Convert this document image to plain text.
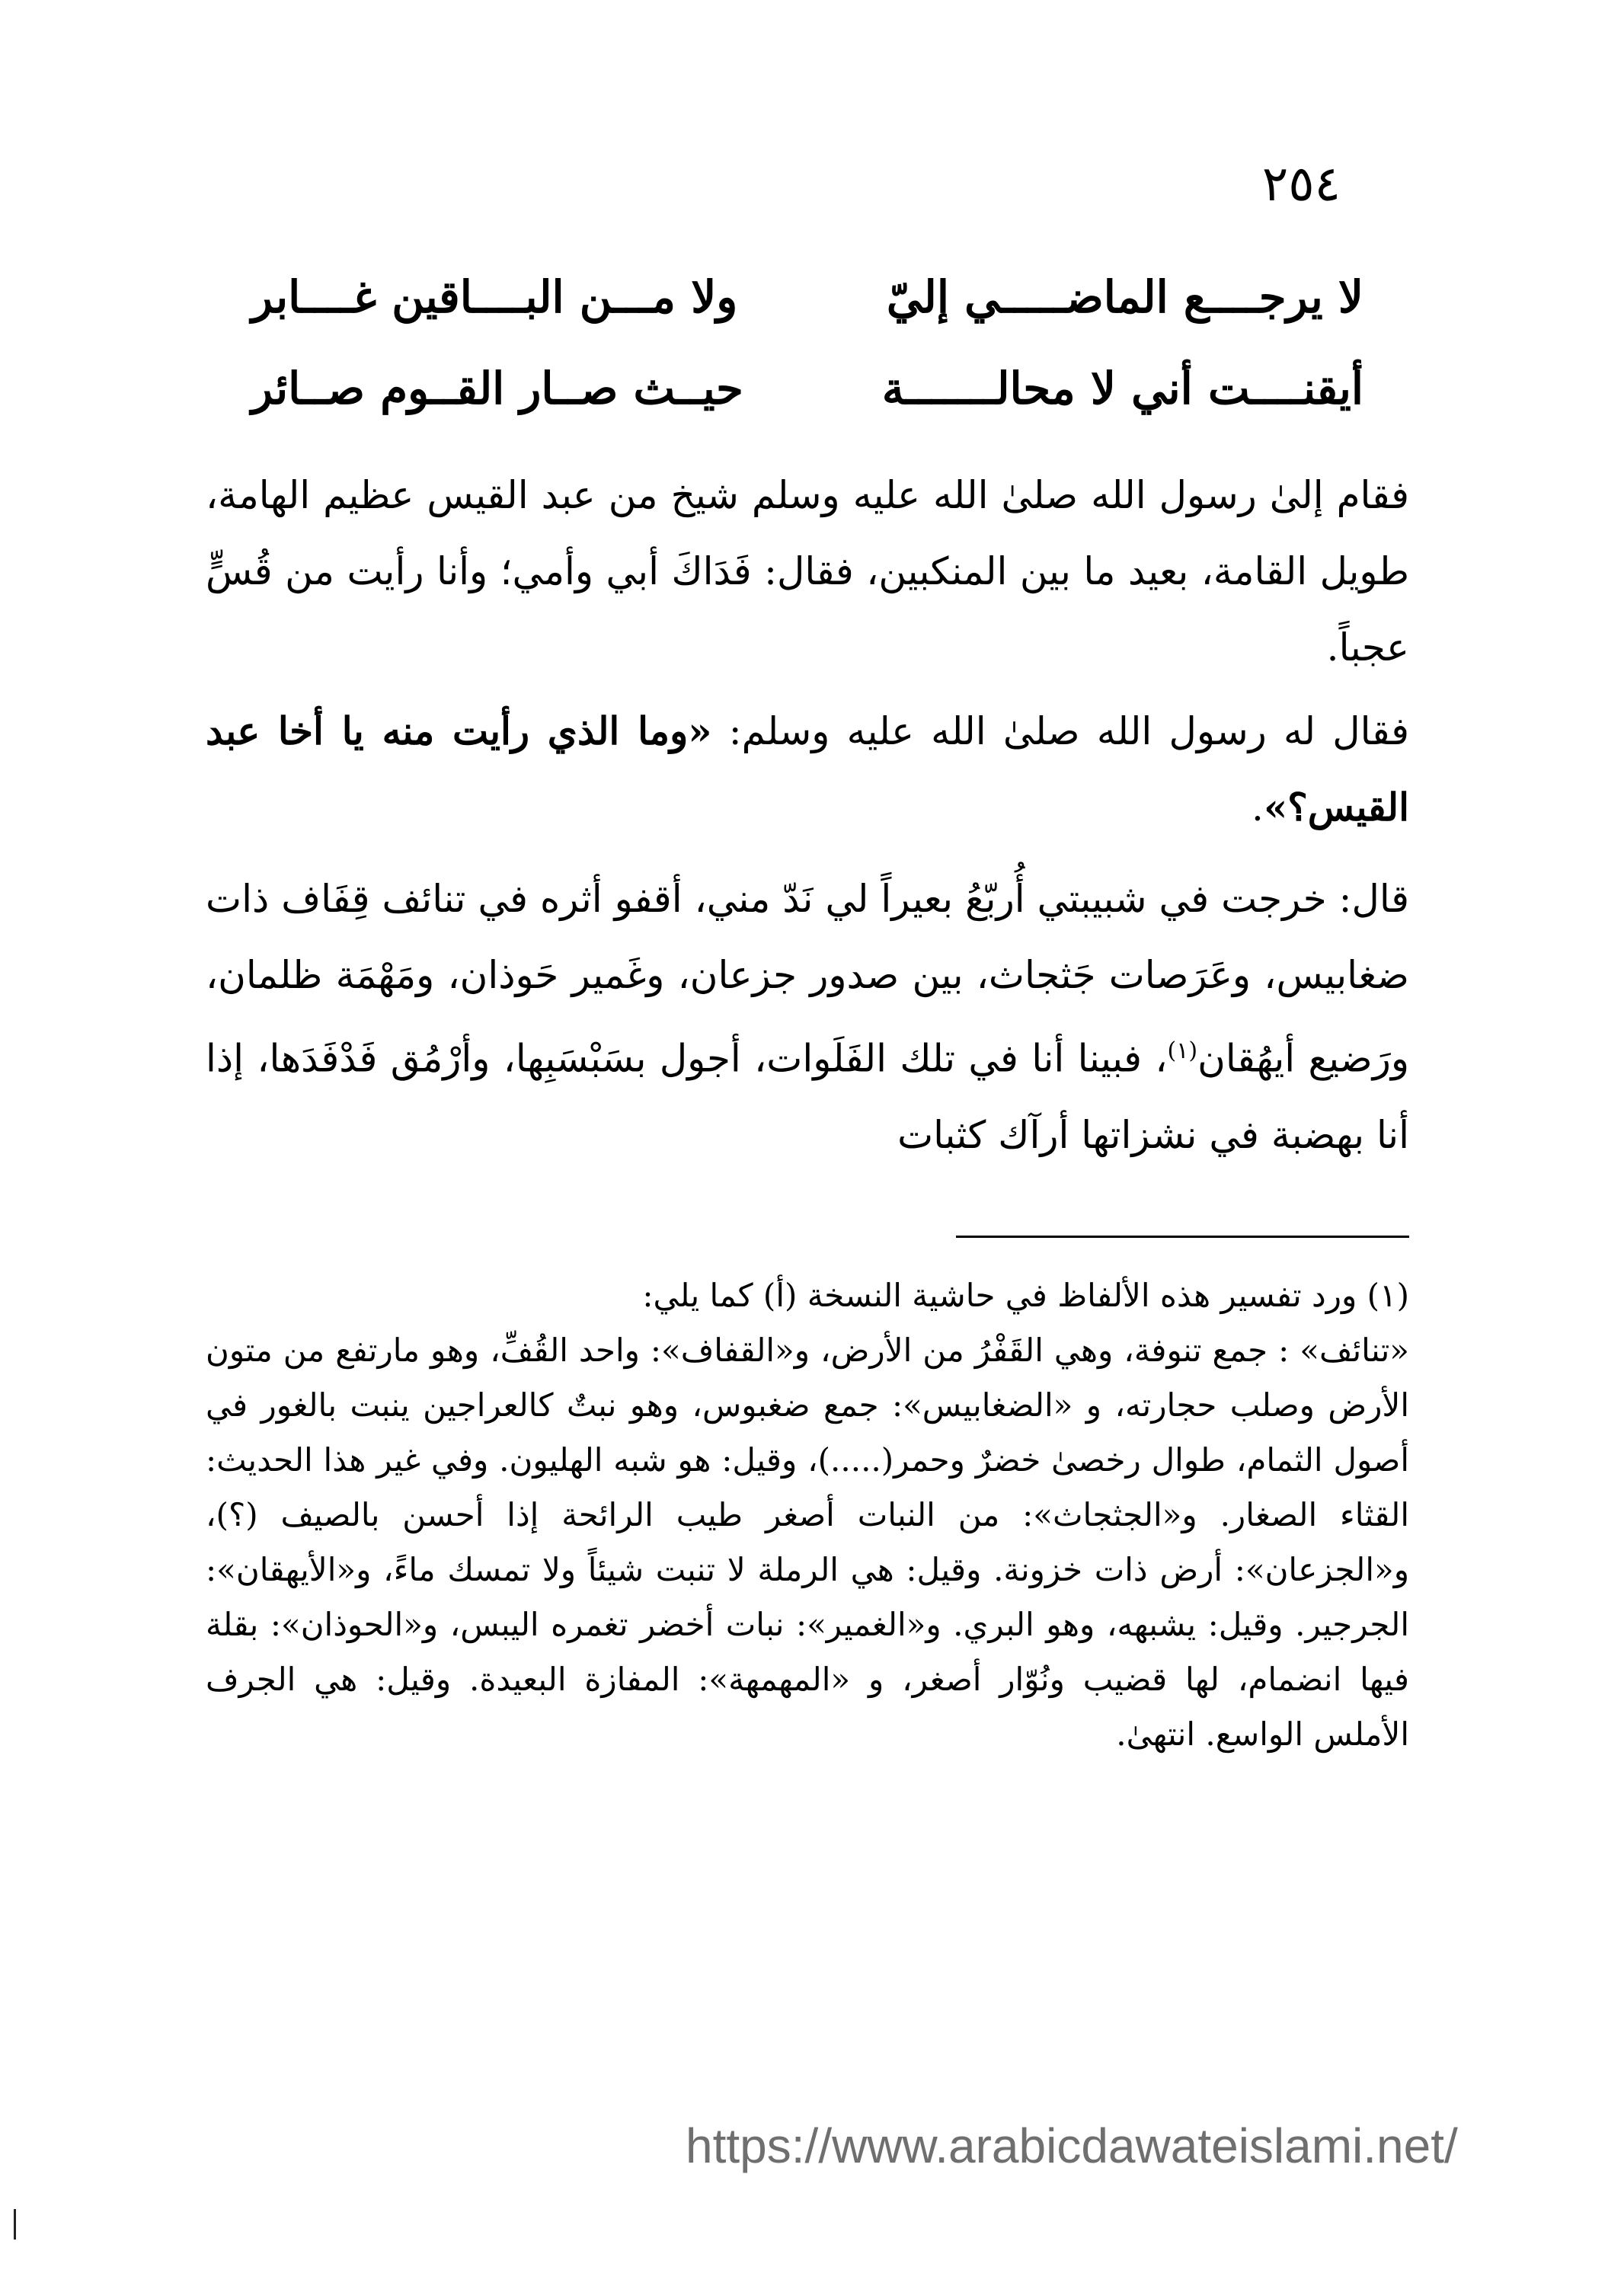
٢٥٤
لا يرجــــع الماضـــــي إليّ
ولا مـــن البــــاقين غــــابر
أيقنــــت أني لا محالـــــــة
حيــث صــار القــوم صــائر

فقام إلىٰ رسول الله صلىٰ الله عليه وسلم شيخ من عبد القيس عظيم الهامة، طويل القامة، بعيد ما بين المنكبين، فقال: فَدَاكَ أبي وأمي؛ وأنا رأيت من قُسٍّ عجباً.

فقال له رسول الله صلىٰ الله عليه وسلم: «وما الذي رأيت منه يا أخا عبد القيس؟».

قال: خرجت في شبيبتي أُربّعُ بعيراً لي نَدّ مني، أقفو أثره في تنائف قِفَاف ذات ضغابيس، وعَرَصات جَثجاث، بين صدور جزعان، وغَمير حَوذان، ومَهْمَة ظلمان، ورَضيع أيهُقان$^{(١)}$، فبينا أنا في تلك الفَلَوات، أجول بسَبْسَبِها، وأرْمُق فَدْفَدَها، إذا أنا بهضبة في نشزاتها أرآك كثبات

(١) ورد تفسير هذه الألفاظ في حاشية النسخة (أ) كما يلي:

«تنائف» : جمع تنوفة، وهي القَفْرُ من الأرض، و«القفاف»: واحد القُفِّ، وهو مارتفع من متون الأرض وصلب حجارته، و «الضغابيس»: جمع ضغبوس، وهو نبتٌ كالعراجين ينبت بالغور في أصول الثمام، طوال رخصىٰ خضرٌ وحمر(.....)، وقيل: هو شبه الهليون. وفي غير هذا الحديث: القثاء الصغار. و«الجثجاث»: من النبات أصغر طيب الرائحة إذا أحسن بالصيف (؟)، و«الجزعان»: أرض ذات خزونة. وقيل: هي الرملة لا تنبت شيئاً ولا تمسك ماءً، و«الأيهقان»: الجرجير. وقيل: يشبهه، وهو البري. و«الغمير»: نبات أخضر تغمره اليبس، و«الحوذان»: بقلة فيها انضمام، لها قضيب ونُوّار أصغر، و «المهمهة»: المفازة البعيدة. وقيل: هي الجرف الأملس الواسع. انتهىٰ.

https://www.arabicdawateislami.net/
